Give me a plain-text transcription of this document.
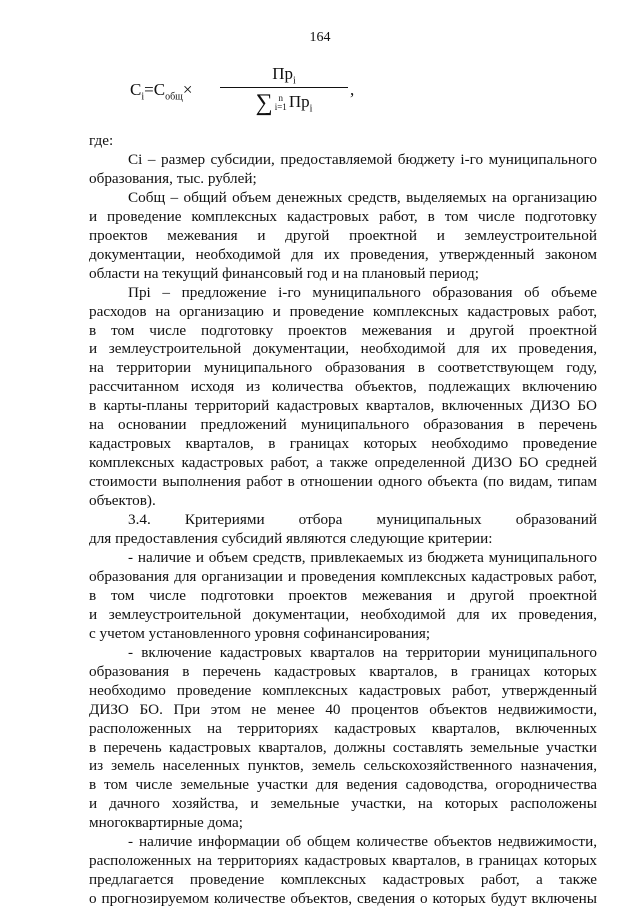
164
$C_i=C_{общ}\times$
$Пр_i$
∑ n
i=1 $Пр_i$
,

где:

Ci – размер субсидии, предоставляемой бюджету i-го муниципального

образования, тыс. рублей;

Cобщ – общий объем денежных средств, выделяемых на организацию

и проведение комплексных кадастровых работ, в том числе подготовку

проектов межевания и другой проектной и землеустроительной

документации, необходимой для их проведения, утвержденный законом

области на текущий финансовый год и на плановый период;

Прi – предложение i-го муниципального образования об объеме

расходов на организацию и проведение комплексных кадастровых работ,

в том числе подготовку проектов межевания и другой проектной

и землеустроительной документации, необходимой для их проведения,

на территории муниципального образования в соответствующем году,

рассчитанном исходя из количества объектов, подлежащих включению

в карты-планы территорий кадастровых кварталов, включенных ДИЗО БО

на основании предложений муниципального образования в перечень

кадастровых кварталов, в границах которых необходимо проведение

комплексных кадастровых работ, а также определенной ДИЗО БО средней

стоимости выполнения работ в отношении одного объекта (по видам, типам

объектов).

3.4. Критериями отбора муниципальных образований

для предоставления субсидий являются следующие критерии:

- наличие и объем средств, привлекаемых из бюджета муниципального

образования для организации и проведения комплексных кадастровых работ,

в том числе подготовки проектов межевания и другой проектной

и землеустроительной документации, необходимой для их проведения,

с учетом установленного уровня софинансирования;

- включение кадастровых кварталов на территории муниципального

образования в перечень кадастровых кварталов, в границах которых

необходимо проведение комплексных кадастровых работ, утвержденный

ДИЗО БО. При этом не менее 40 процентов объектов недвижимости,

расположенных на территориях кадастровых кварталов, включенных

в перечень кадастровых кварталов, должны составлять земельные участки

из земель населенных пунктов, земель сельскохозяйственного назначения,

в том числе земельные участки для ведения садоводства, огородничества

и дачного хозяйства, и земельные участки, на которых расположены

многоквартирные дома;

- наличие информации об общем количестве объектов недвижимости,

расположенных на территориях кадастровых кварталов, в границах которых

предлагается проведение комплексных кадастровых работ, а также

о прогнозируемом количестве объектов, сведения о которых будут включены
